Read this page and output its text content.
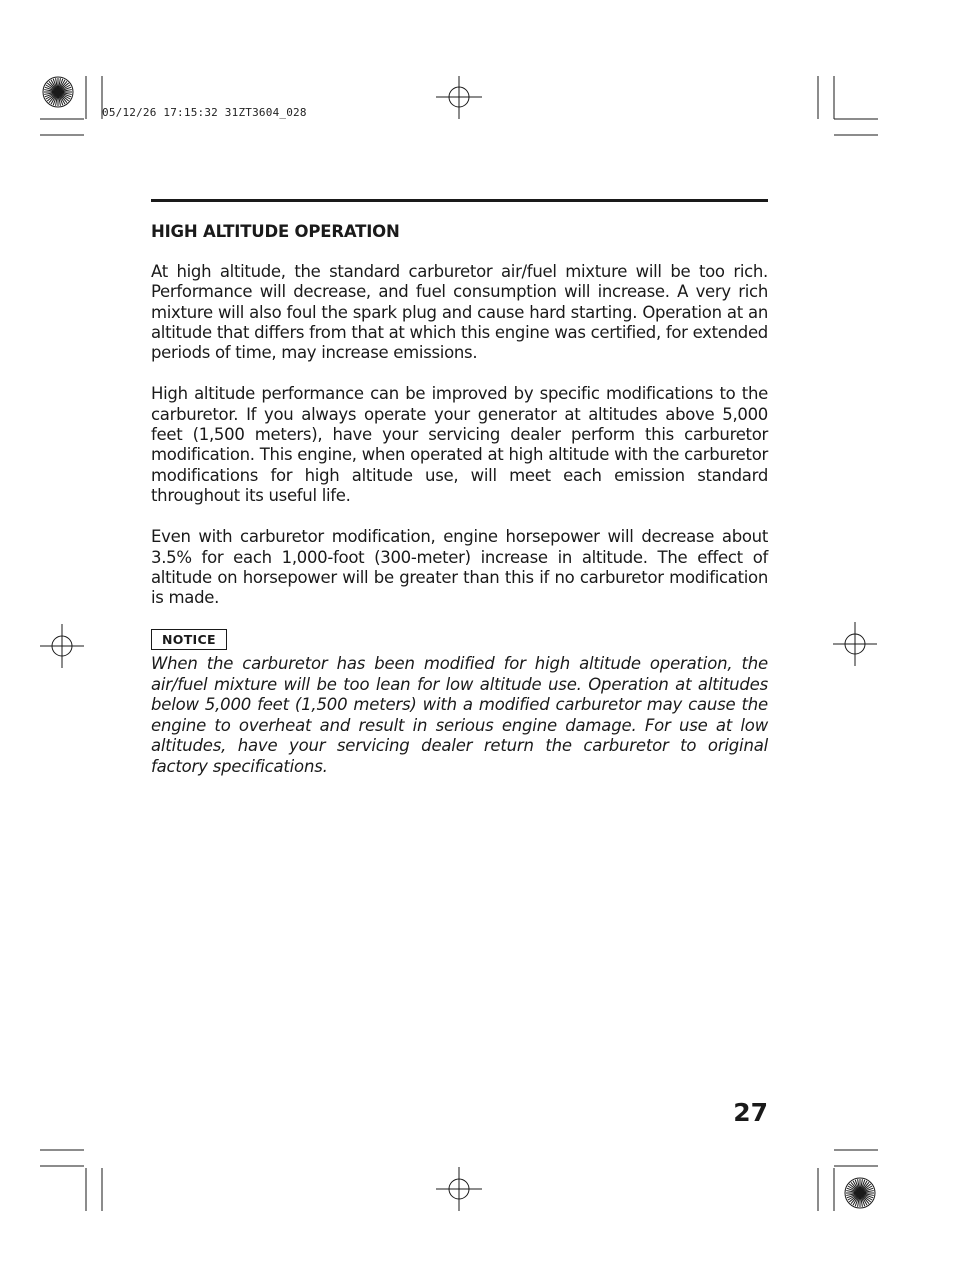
05/12/26 17:15:32 31ZT3604_028
HIGH ALTITUDE OPERATION

At high altitude, the standard carburetor air/fuel mixture will be too rich. Performance will decrease, and fuel consumption will increase. A very rich mixture will also foul the spark plug and cause hard starting. Operation at an altitude that differs from that at which this engine was certified, for extended periods of time, may increase emissions.

High altitude performance can be improved by specific modifications to the carburetor. If you always operate your generator at altitudes above 5,000 feet (1,500 meters), have your servicing dealer perform this carburetor modification. This engine, when operated at high altitude with the carburetor modifications for high altitude use, will meet each emission standard throughout its useful life.

Even with carburetor modification, engine horsepower will decrease about 3.5% for each 1,000-foot (300-meter) increase in altitude. The effect of altitude on horsepower will be greater than this if no carburetor modification is made.

NOTICE

When the carburetor has been modified for high altitude operation, the air/fuel mixture will be too lean for low altitude use. Operation at altitudes below 5,000 feet (1,500 meters) with a modified carburetor may cause the engine to overheat and result in serious engine damage. For use at low altitudes, have your servicing dealer return the carburetor to original factory specifications.

27
